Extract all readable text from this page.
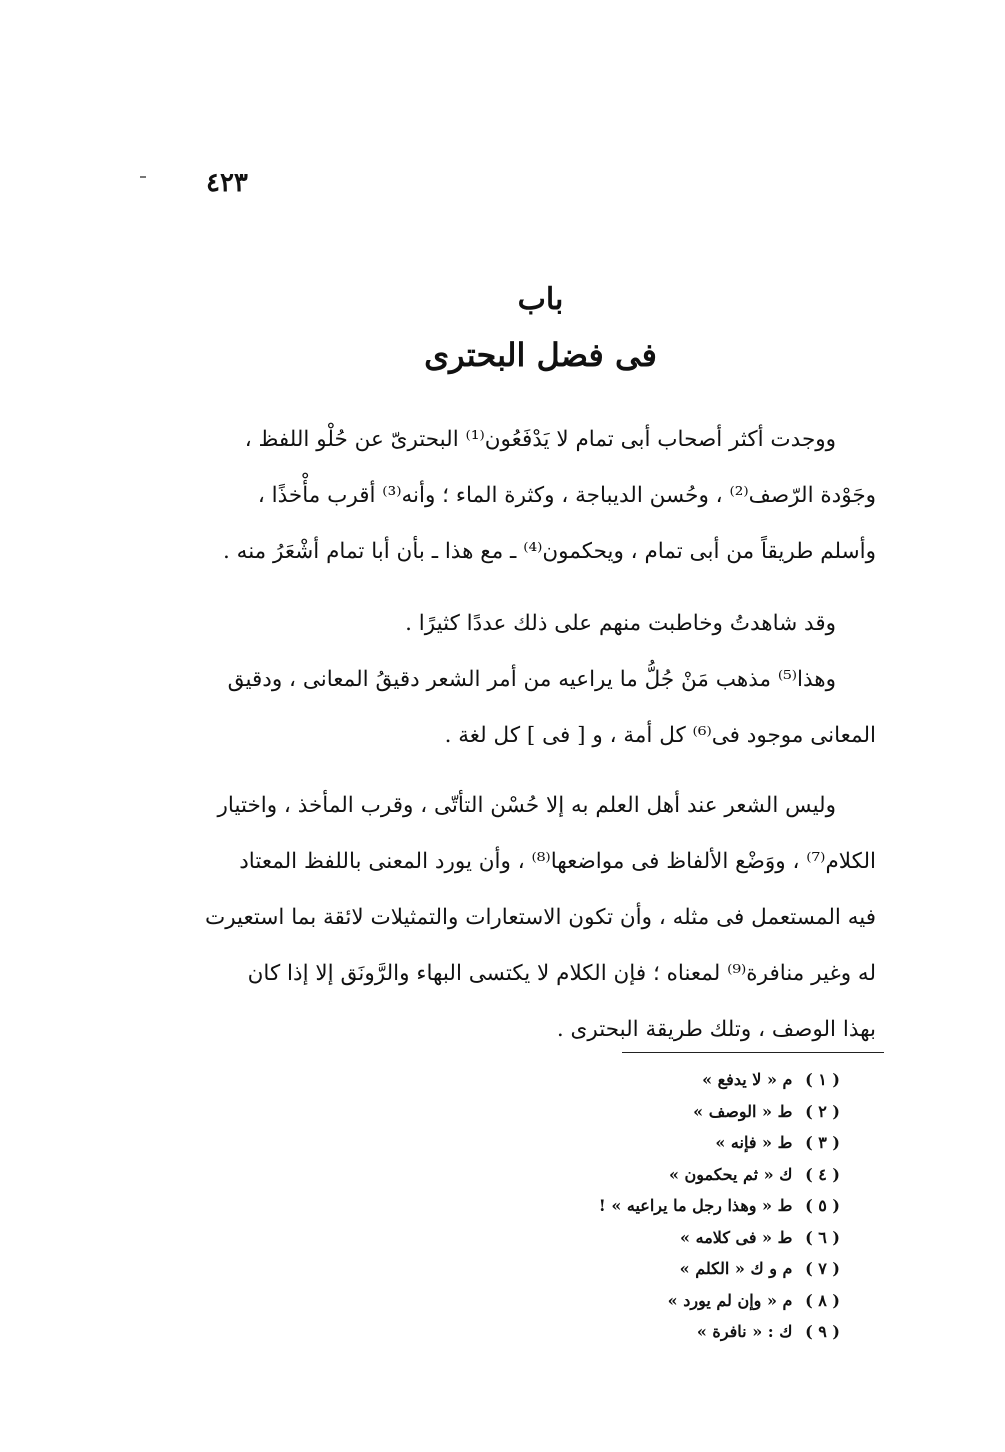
٤٢٣
باب
فى فضل البحترى
ووجدت أكثر أصحاب أبى تمام لا يَدْفَعُون⁽¹⁾ البحترىّ عن حُلْو اللفظ ،
وجَوْدة الرّصف⁽²⁾ ، وحُسن الديباجة ، وكثرة الماء ؛ وأنه⁽³⁾ أقرب مأْخذًا ،
وأسلم طريقاً من أبى تمام ، ويحكمون⁽⁴⁾ ـ مع هذا ـ بأن أبا تمام أشْعَرُ منه .
وقد شاهدتُ وخاطبت منهم على ذلك عددًا كثيرًا .
وهذا⁽⁵⁾ مذهب مَنْ جُلُّ ما يراعيه من أمر الشعر دقيقُ المعانى ، ودقيق
المعانى موجود فى⁽⁶⁾ كل أمة ، و [ فى ] كل لغة .
وليس الشعر عند أهل العلم به إلا حُسْن التأتّى ، وقرب المأخذ ، واختيار
الكلام⁽⁷⁾ ، ووَضْع الألفاظ فى مواضعها⁽⁸⁾ ، وأن يورد المعنى باللفظ المعتاد
فيه المستعمل فى مثله ، وأن تكون الاستعارات والتمثيلات لائقة بما استعيرت
له وغير منافرة⁽⁹⁾ لمعناه ؛ فإن الكلام لا يكتسى البهاء والرَّونَق إلا إذا كان
بهذا الوصف ، وتلك طريقة البحترى .
( ١ ) م « لا يدفع »
( ٢ ) ط « الوصف »
( ٣ ) ط « فإنه »
( ٤ ) ك « ثم يحكمون »
( ٥ ) ط « وهذا رجل ما يراعيه » !
( ٦ ) ط « فى كلامه »
( ٧ ) م و ك « الكلم »
( ٨ ) م « وإن لم يورد »
( ٩ ) ك : « نافرة »
